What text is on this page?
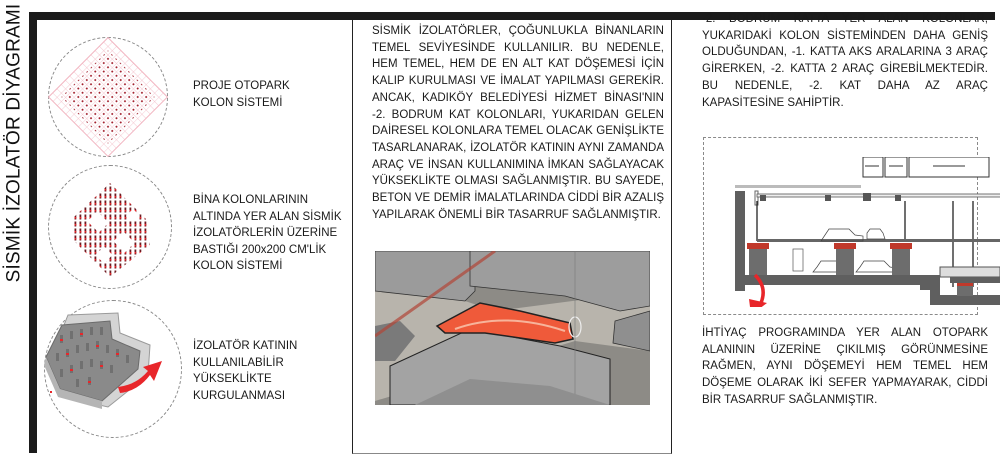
SİSMİK İZOLATÖR DİYAGRAMI	PROJE OTOPARK
KOLON SİSTEMİ
BİNA KOLONLARININ
ALTINDA YER ALAN SİSMİK
İZOLATÖRLERİN ÜZERİNE
BASTIĞI 200x200 CM'LİK
KOLON SİSTEMİ
İZOLATÖR KATININ
KULLANILABİLİR
YÜKSEKLİKTE
KURGULANMASI
SİSMİK İZOLATÖRLER, ÇOĞUNLUKLA BİNANLARIN TEMEL SEVİYESİNDE KULLANILIR. BU NEDENLE, HEM TEMEL, HEM DE EN ALT KAT DÖŞEMESİ İÇİN KALIP KURULMASI VE İMALAT YAPILMASI GEREKİR. ANCAK, KADIKÖY BELEDİYESİ HİZMET BİNASI'NIN -2. BODRUM KAT KOLONLARI, YUKARIDAN GELEN DAİRESEL KOLONLARA TEMEL OLACAK GENİŞLİKTE TASARLANARAK, İZOLATÖR KATININ AYNI ZAMANDA ARAÇ VE İNSAN KULLANIMINA İMKAN SAĞLAYACAK YÜKSEKLİKTE OLMASI SAĞLANMIŞTIR. BU SAYEDE, BETON VE DEMİR İMALATLARINDA CİDDİ BİR AZALIŞ YAPILARAK ÖNEMLİ BİR TASARRUF SAĞLANMIŞTIR.
-2. BODRUM KATTA YER ALAN KOLONLAR, YUKARIDAKİ KOLON SİSTEMİNDEN DAHA GENİŞ OLDUĞUNDAN, -1. KATTA AKS ARALARINA 3 ARAÇ GİRERKEN, -2. KATTA 2 ARAÇ GİREBİLMEKTEDİR. BU NEDENLE, -2. KAT DAHA AZ ARAÇ KAPASİTESİNE SAHİPTİR.
İHTİYAÇ PROGRAMINDA YER ALAN OTOPARK ALANININ ÜZERİNE ÇIKILMIŞ GÖRÜNMESİNE RAĞMEN, AYNI DÖŞEMEYİ HEM TEMEL HEM DÖŞEME OLARAK İKİ SEFER YAPMAYARAK, CİDDİ BİR TASARRUF SAĞLANMIŞTIR.
